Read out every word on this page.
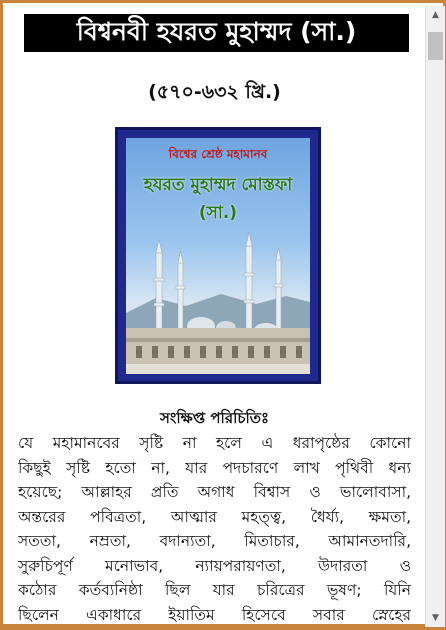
বিশ্বনবী হযরত মুহাম্মদ (সা.)
(৫৭০-৬৩২ খ্রি.)
বিশ্বের শ্রেষ্ঠ মহামানব
হযরত মুহাম্মদ মোস্তফা (সা.)
সংক্ষিপ্ত পরিচিতিঃ
যে মহামানবের সৃষ্টি না হলে এ ধরাপৃষ্ঠের কোনো
কিছুই সৃষ্টি হতো না, যার পদচারণে লাখ পৃথিবী ধন্য
হয়েছে; আল্লাহর প্রতি অগাধ বিশ্বাস ও ভালোবাসা,
অন্তরের পবিত্রতা, আত্মার মহত্ত্ব, ধৈর্য্য, ক্ষমতা,
সততা, নম্রতা, বদান্যতা, মিতাচার, আমানতদারি,
সুরুচিপূর্ণ মনোভাব, ন্যায়পরায়ণতা, উদারতা ও
কঠোর কর্তব্যনিষ্ঠা ছিল যার চরিত্রের ভূষণ; যিনি
ছিলেন একাধারে ইয়াতিম হিসেবে সবার স্নেহের
▲
▼
